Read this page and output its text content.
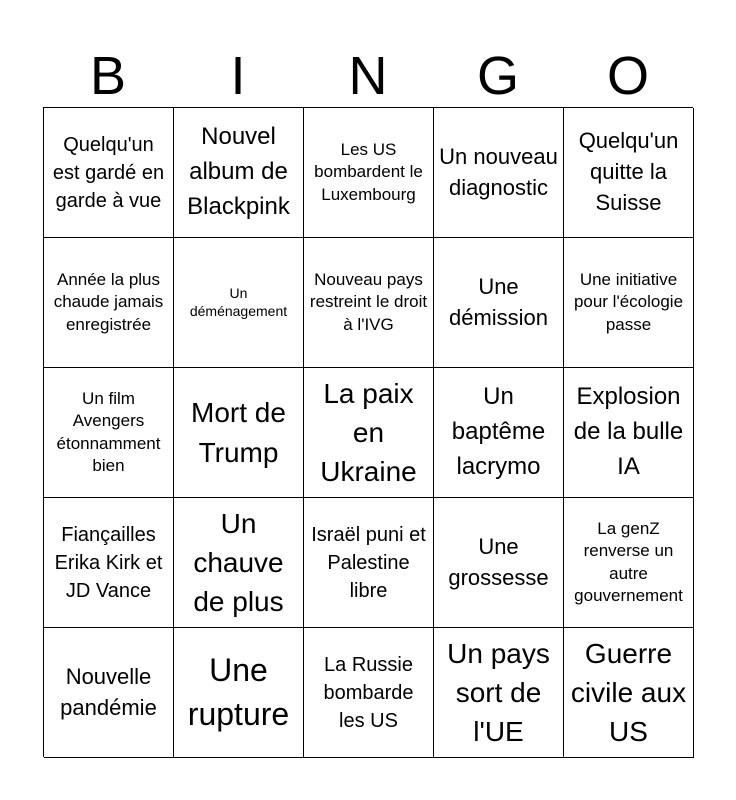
B	I	N	G	O
Quelqu'un est gardé en garde à vue
Nouvel album de Blackpink
Les US bombardent le Luxembourg
Un nouveau diagnostic
Quelqu'un quitte la Suisse
Année la plus chaude jamais enregistrée
Un déménagement
Nouveau pays restreint le droit à l'IVG
Une démission
Une initiative pour l'écologie passe
Un film Avengers étonnamment bien
Mort de Trump
La paix en Ukraine
Un baptême lacrymo
Explosion de la bulle IA
Fiançailles Erika Kirk et JD Vance
Un chauve de plus
Israël puni et Palestine libre
Une grossesse
La genZ renverse un autre gouvernement
Nouvelle pandémie
Une rupture
La Russie bombarde les US
Un pays sort de l'UE
Guerre civile aux US
